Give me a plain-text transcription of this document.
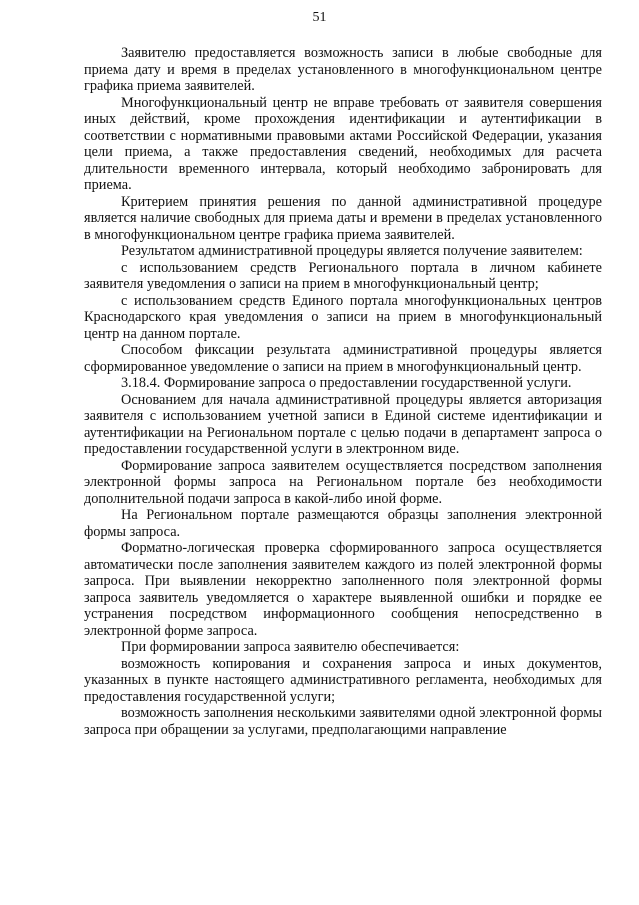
51

Заявителю предоставляется возможность записи в любые свободные для приема дату и время в пределах установленного в многофункциональном центре графика приема заявителей.

Многофункциональный центр не вправе требовать от заявителя совершения иных действий, кроме прохождения идентификации и аутентификации в соответствии с нормативными правовыми актами Российской Федерации, указания цели приема, а также предоставления сведений, необходимых для расчета длительности временного интервала, который необходимо забронировать для приема.

Критерием принятия решения по данной административной процедуре является наличие свободных для приема даты и времени в пределах установленного в многофункциональном центре графика приема заявителей.

Результатом административной процедуры является получение заявителем:

с использованием средств Регионального портала в личном кабинете заявителя уведомления о записи на прием в многофункциональный центр;

с использованием средств Единого портала многофункциональных центров Краснодарского края уведомления о записи на прием в многофункциональный центр на данном портале.

Способом фиксации результата административной процедуры является сформированное уведомление о записи на прием в многофункциональный центр.

3.18.4. Формирование запроса о предоставлении государственной услуги.

Основанием для начала административной процедуры является авторизация заявителя с использованием учетной записи в Единой системе идентификации и аутентификации на Региональном портале с целью подачи в департамент запроса о предоставлении государственной услуги в электронном виде.

Формирование запроса заявителем осуществляется посредством заполнения электронной формы запроса на Региональном портале без необходимости дополнительной подачи запроса в какой-либо иной форме.

На Региональном портале размещаются образцы заполнения электронной формы запроса.

Форматно-логическая проверка сформированного запроса осуществляется автоматически после заполнения заявителем каждого из полей электронной формы запроса. При выявлении некорректно заполненного поля электронной формы запроса заявитель уведомляется о характере выявленной ошибки и порядке ее устранения посредством информационного сообщения непосредственно в электронной форме запроса.

При формировании запроса заявителю обеспечивается:

возможность копирования и сохранения запроса и иных документов, указанных в пункте настоящего административного регламента, необходимых для предоставления государственной услуги;

возможность заполнения несколькими заявителями одной электронной формы запроса при обращении за услугами, предполагающими направление
